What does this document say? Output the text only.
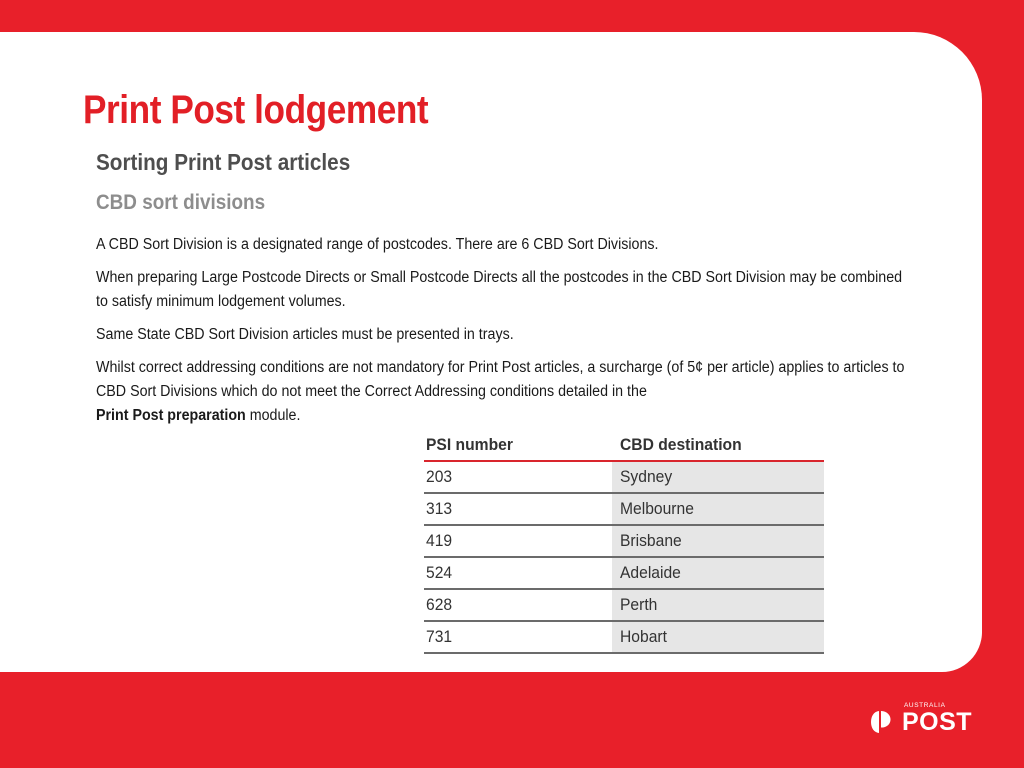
Print Post lodgement
Sorting Print Post articles
CBD sort divisions

A CBD Sort Division is a designated range of postcodes. There are 6 CBD Sort Divisions.

When preparing Large Postcode Directs or Small Postcode Directs all the postcodes in the CBD Sort Division may be combined to satisfy minimum lodgement volumes.

Same State CBD Sort Division articles must be presented in trays.

Whilst correct addressing conditions are not mandatory for Print Post articles, a surcharge (of 5¢ per article) applies to articles to CBD Sort Divisions which do not meet the Correct Addressing conditions detailed in the
Print Post preparation module.

PSI number	CBD destination
203	Sydney
313	Melbourne
419	Brisbane
524	Adelaide
628	Perth
731	Hobart
AUSTRALIA
POST
